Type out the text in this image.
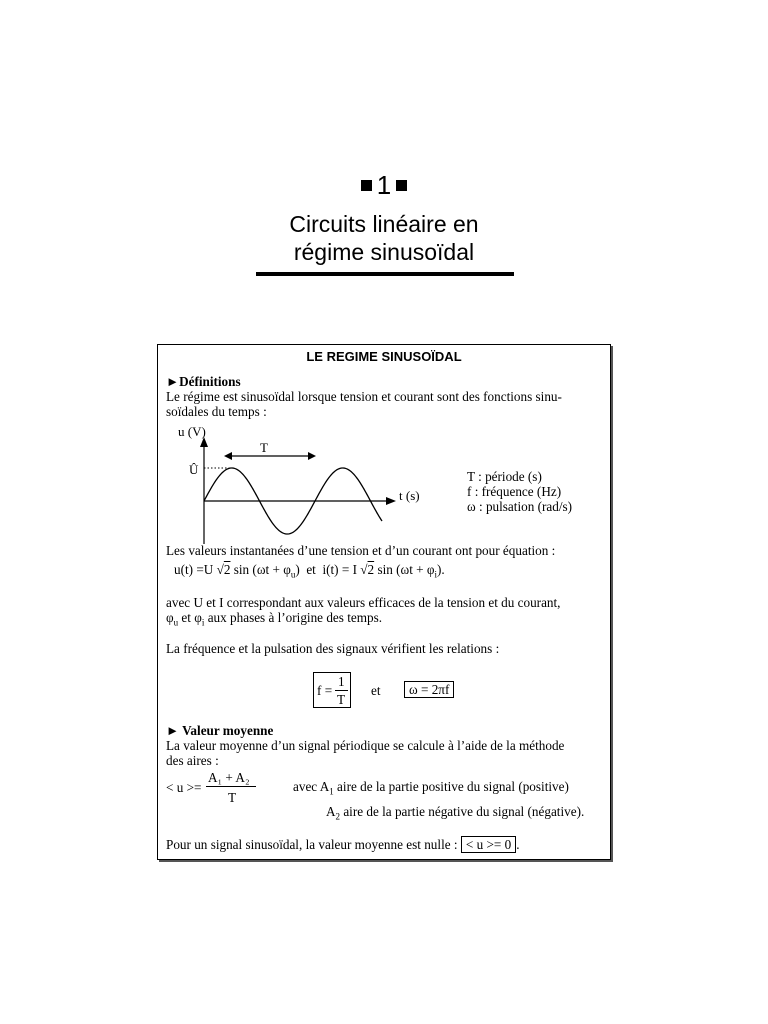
1
Circuits linéaire en
régime sinusoïdal
LE REGIME SINUSOÏDAL
►Définitions
Le régime est sinusoïdal lorsque tension et courant sont des fonctions sinu-
soïdales du temps :
u (V)
T
Û
t (s)
T : période (s)
f : fréquence (Hz)
ω : pulsation (rad/s)
Les valeurs instantanées d’une tension et d’un courant ont pour équation :
u(t) =U √2 $\sin (\omega t + \varphi_u)$ et i(t) = I √2 $\sin (\omega t + \varphi_i)$.
avec U et I correspondant aux valeurs efficaces de la tension et du courant,
$\varphi_u$ et $\varphi_i$ aux phases à l’origine des temps.
La fréquence et la pulsation des signaux vérifient les relations :
f =
1
T
et	ω = 2πf
► Valeur moyenne
La valeur moyenne d’un signal périodique se calcule à l’aide de la méthode
des aires :
< u >=
A₁ + A₂
T
avec $A_1$ aire de la partie positive du signal (positive)
$A_2$ aire de la partie négative du signal (négative).
Pour un signal sinusoïdal, la valeur moyenne est nulle : < u >= 0 .
